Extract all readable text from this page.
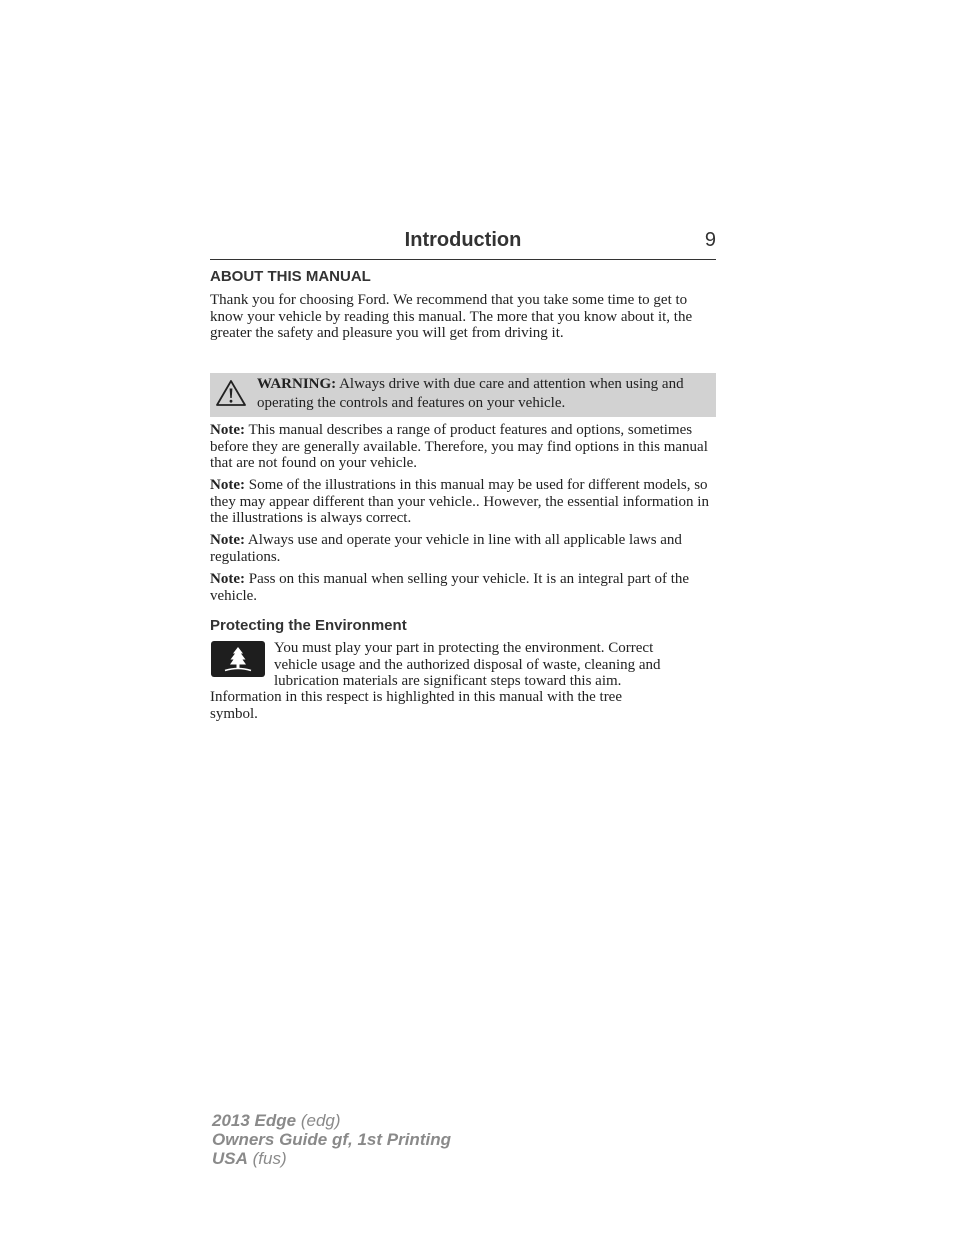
Introduction	9
ABOUT THIS MANUAL

Thank you for choosing Ford. We recommend that you take some time to get to know your vehicle by reading this manual. The more that you know about it, the greater the safety and pleasure you will get from driving it.

WARNING: Always drive with due care and attention when using and operating the controls and features on your vehicle.

Note: This manual describes a range of product features and options, sometimes before they are generally available. Therefore, you may find options in this manual that are not found on your vehicle.

Note: Some of the illustrations in this manual may be used for different models, so they may appear different than your vehicle.. However, the essential information in the illustrations is always correct.

Note: Always use and operate your vehicle in line with all applicable laws and regulations.

Note: Pass on this manual when selling your vehicle. It is an integral part of the vehicle.

Protecting the Environment
You must play your part in protecting the environment. Correct
vehicle usage and the authorized disposal of waste, cleaning and
lubrication materials are significant steps toward this aim.
Information in this respect is highlighted in this manual with the tree
symbol.
2013 Edge (edg)
Owners Guide gf, 1st Printing
USA (fus)
